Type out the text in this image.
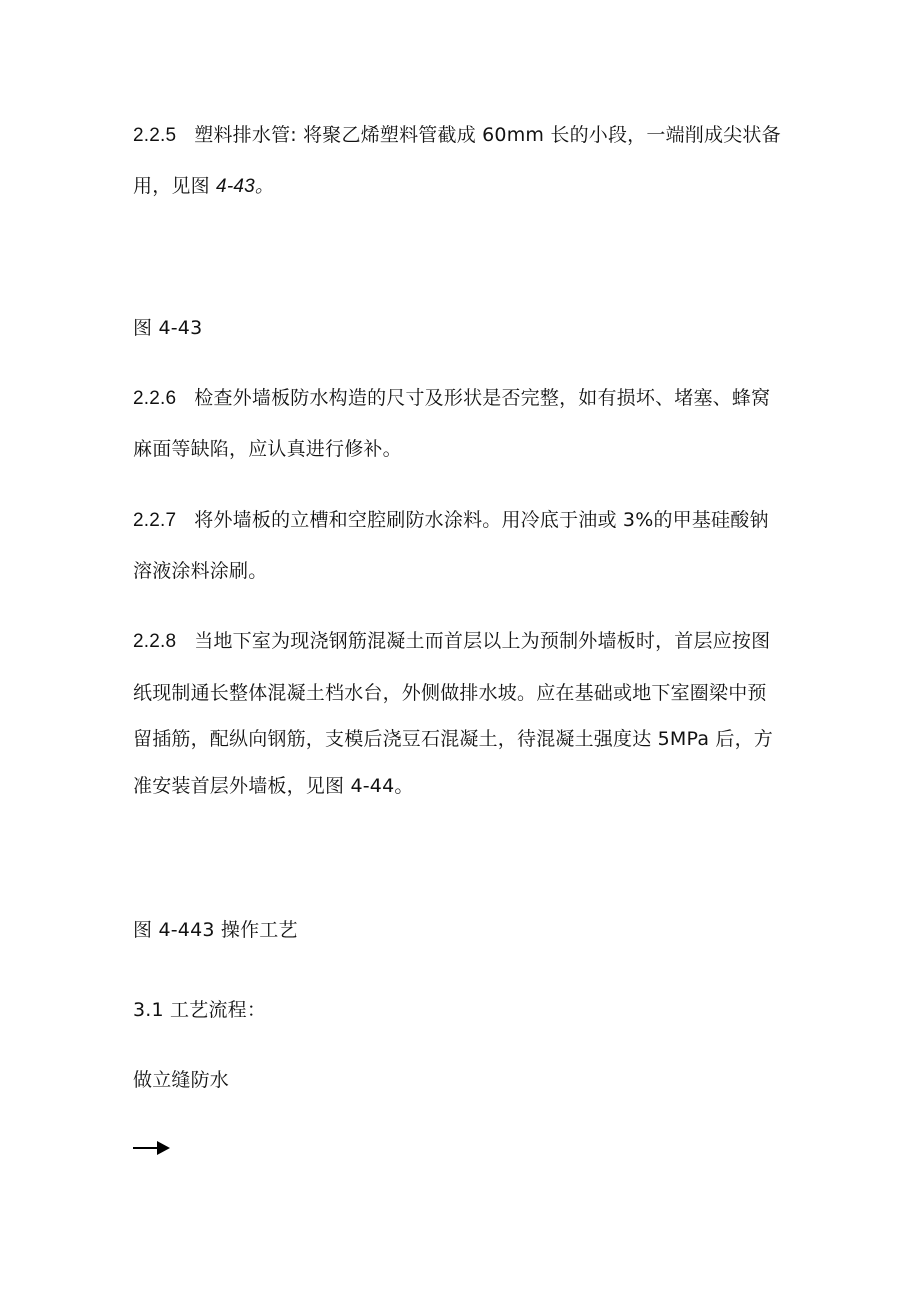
2.2.5 塑料排水管: 将聚乙烯塑料管截成 60mm 长的小段，一端削成尖状备
用，见图 4-43。
图 4-43
2.2.6 检查外墙板防水构造的尺寸及形状是否完整，如有损坏、堵塞、蜂窝
麻面等缺陷，应认真进行修补。
2.2.7 将外墙板的立槽和空腔刷防水涂料。用冷底于油或 3%的甲基硅酸钠
溶液涂料涂刷。
2.2.8 当地下室为现浇钢筋混凝土而首层以上为预制外墙板时，首层应按图
纸现制通长整体混凝土档水台，外侧做排水坡。应在基础或地下室圈梁中预
留插筋，配纵向钢筋，支模后浇豆石混凝土，待混凝土强度达 5MPa 后，方
准安装首层外墙板，见图 4-44。
图 4-443 操作工艺
3.1 工艺流程：
做立缝防水
